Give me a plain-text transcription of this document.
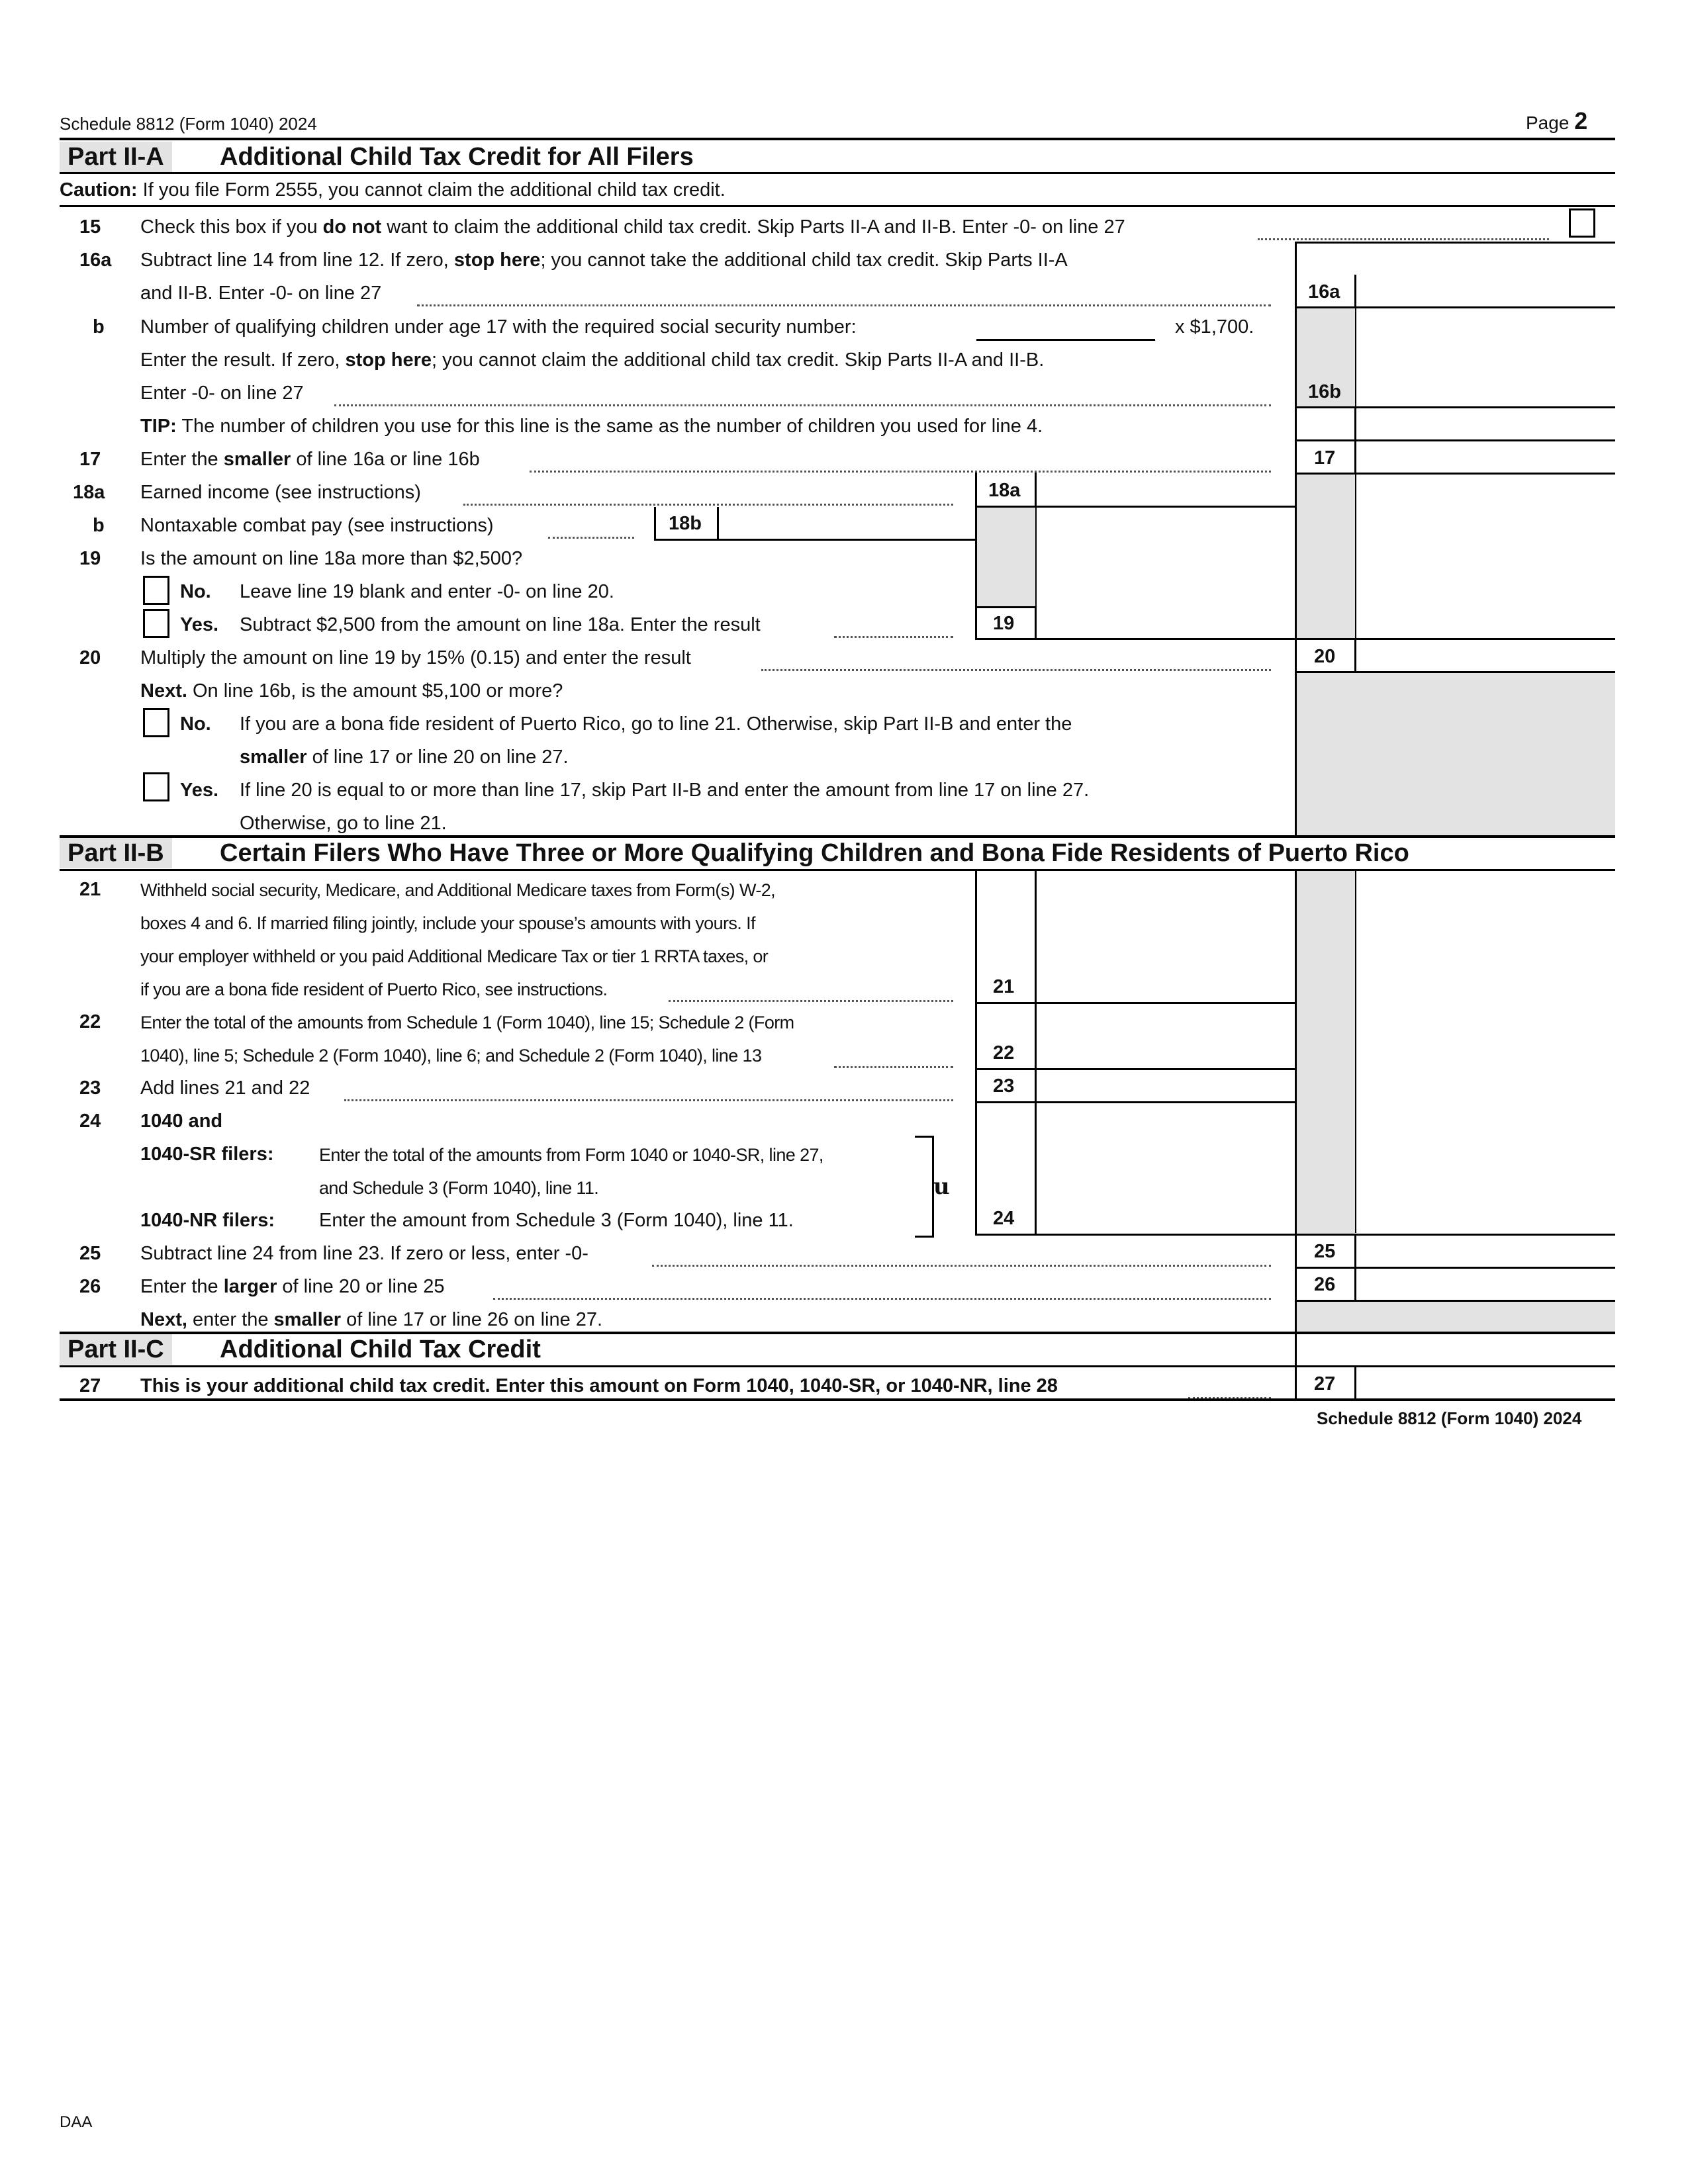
Schedule 8812 (Form 1040) 2024	Page 2
Part II-A	Additional Child Tax Credit for All Filers
Caution: If you file Form 2555, you cannot claim the additional child tax credit.
15 Check this box if you do not want to claim the additional child tax credit. Skip Parts II-A and II-B. Enter -0- on line 27
16a Subtract line 14 from line 12. If zero, stop here; you cannot take the additional child tax credit. Skip Parts II-A
and II-B. Enter -0- on line 27	16a
b Number of qualifying children under age 17 with the required social security number:	x $1,700.
Enter the result. If zero, stop here; you cannot claim the additional child tax credit. Skip Parts II-A and II-B.
Enter -0- on line 27	16b
TIP: The number of children you use for this line is the same as the number of children you used for line 4.
17 Enter the smaller of line 16a or line 16b	17
18a Earned income (see instructions)	18a
b Nontaxable combat pay (see instructions)	18b
19 Is the amount on line 18a more than $2,500?
No. Leave line 19 blank and enter -0- on line 20.
Yes. Subtract $2,500 from the amount on line 18a. Enter the result	19
20 Multiply the amount on line 19 by 15% (0.15) and enter the result	20
Next. On line 16b, is the amount $5,100 or more?
No. If you are a bona fide resident of Puerto Rico, go to line 21. Otherwise, skip Part II-B and enter the
smaller of line 17 or line 20 on line 27.
Yes. If line 20 is equal to or more than line 17, skip Part II-B and enter the amount from line 17 on line 27.
Otherwise, go to line 21.
Part II-B	Certain Filers Who Have Three or More Qualifying Children and Bona Fide Residents of Puerto Rico
21 Withheld social security, Medicare, and Additional Medicare taxes from Form(s) W-2,
boxes 4 and 6. If married filing jointly, include your spouse’s amounts with yours. If
your employer withheld or you paid Additional Medicare Tax or tier 1 RRTA taxes, or
if you are a bona fide resident of Puerto Rico, see instructions.	21
22 Enter the total of the amounts from Schedule 1 (Form 1040), line 15; Schedule 2 (Form
1040), line 5; Schedule 2 (Form 1040), line 6; and Schedule 2 (Form 1040), line 13	22
23 Add lines 21 and 22	23
24 1040 and
1040-SR filers:	Enter the total of the amounts from Form 1040 or 1040-SR, line 27,
and Schedule 3 (Form 1040), line 11.
1040-NR filers: Enter the amount from Schedule 3 (Form 1040), line 11.
u
24
25 Subtract line 24 from line 23. If zero or less, enter -0-	25
26 Enter the larger of line 20 or line 25	26
Next, enter the smaller of line 17 or line 26 on line 27.
Part II-C	Additional Child Tax Credit
27 This is your additional child tax credit. Enter this amount on Form 1040, 1040-SR, or 1040-NR, line 28	27
Schedule 8812 (Form 1040) 2024
DAA
